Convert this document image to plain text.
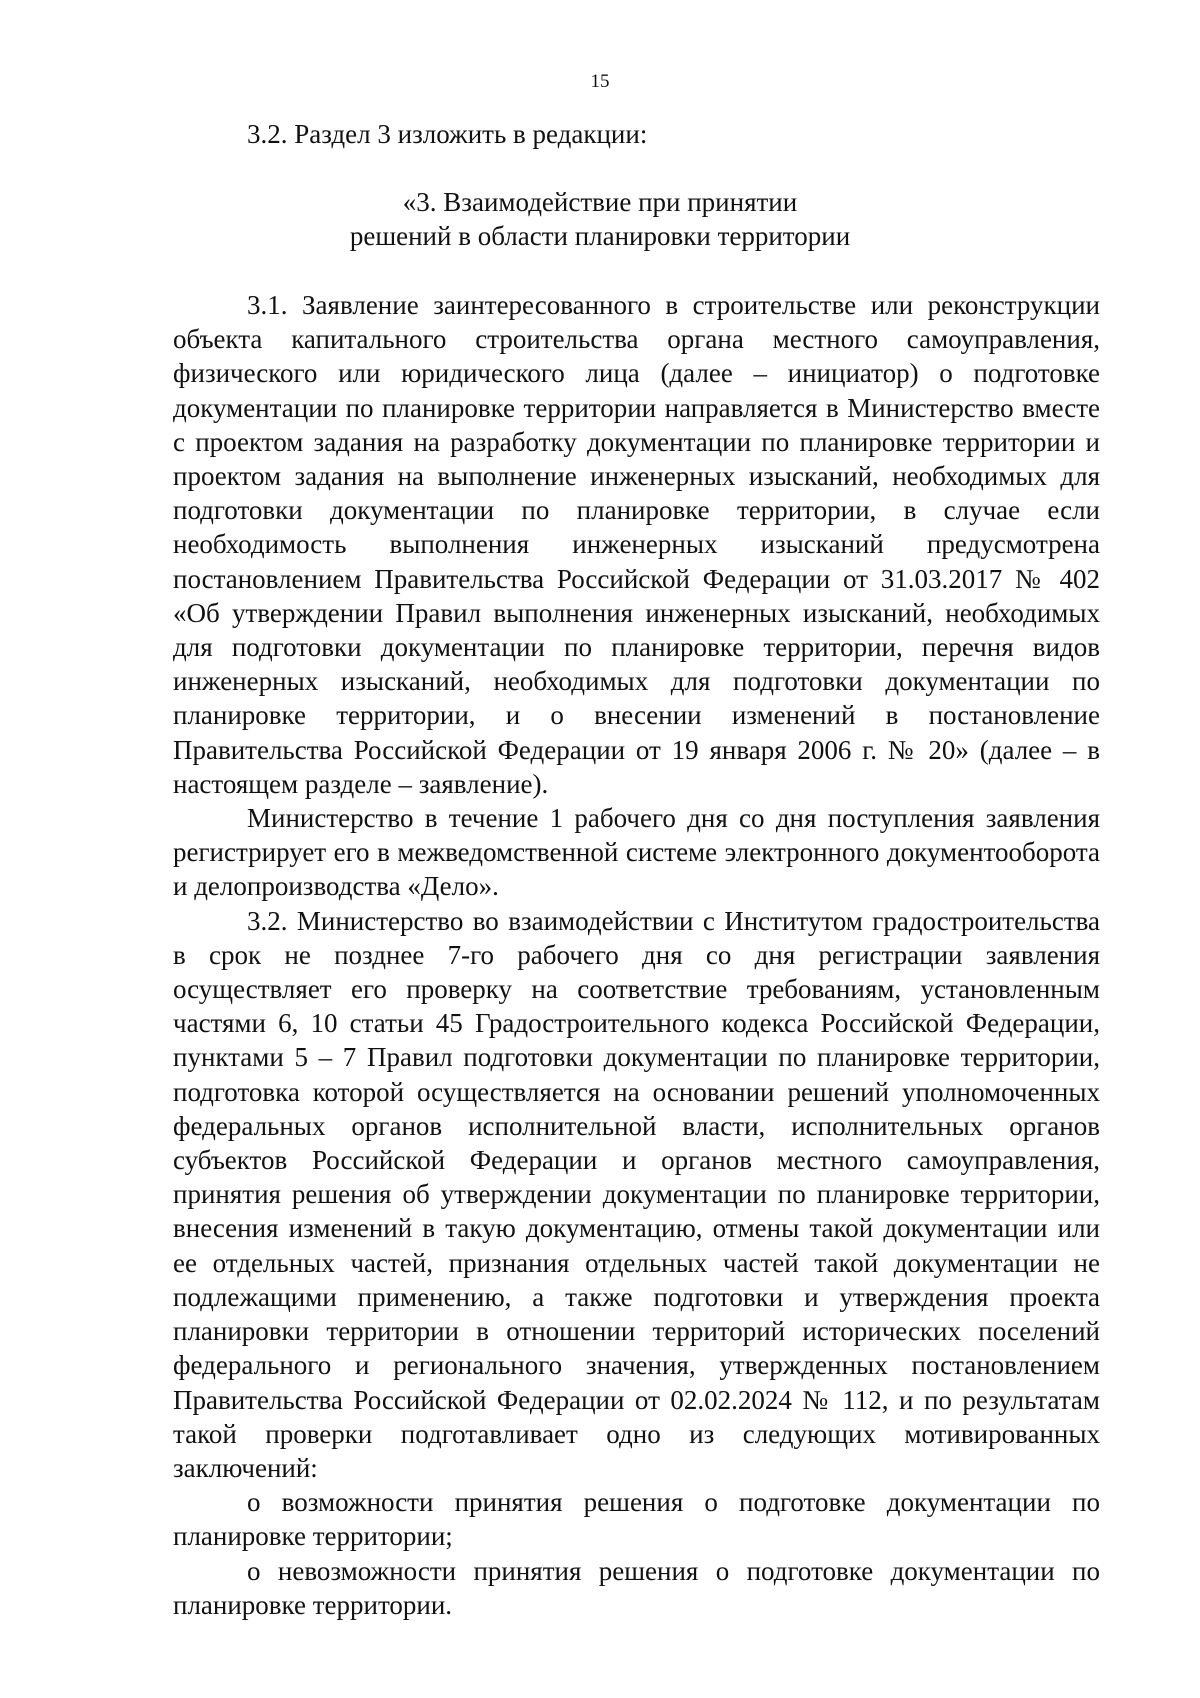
15

3.2. Раздел 3 изложить в редакции:

«3. Взаимодействие при принятии
решений в области планировки территории

3.1. Заявление заинтересованного в строительстве или реконструкции объекта капитального строительства органа местного самоуправления, физического или юридического лица (далее – инициатор) о подготовке документации по планировке территории направляется в Министерство вместе с проектом задания на разработку документации по планировке территории и проектом задания на выполнение инженерных изысканий, необходимых для подготовки документации по планировке территории, в случае если необходимость выполнения инженерных изысканий предусмотрена постановлением Правительства Российской Федерации от 31.03.2017 № 402 «Об утверждении Правил выполнения инженерных изысканий, необходимых для подготовки документации по планировке территории, перечня видов инженерных изысканий, необходимых для подготовки документации по планировке территории, и о внесении изменений в постановление Правительства Российской Федерации от 19 января 2006 г. № 20» (далее – в настоящем разделе – заявление).

Министерство в течение 1 рабочего дня со дня поступления заявления регистрирует его в межведомственной системе электронного документооборота и делопроизводства «Дело».

3.2. Министерство во взаимодействии с Институтом градостроительства в срок не позднее 7-го рабочего дня со дня регистрации заявления осуществляет его проверку на соответствие требованиям, установленным частями 6, 10 статьи 45 Градостроительного кодекса Российской Федерации, пунктами 5 – 7 Правил подготовки документации по планировке территории, подготовка которой осуществляется на основании решений уполномоченных федеральных органов исполнительной власти, исполнительных органов субъектов Российской Федерации и органов местного самоуправления, принятия решения об утверждении документации по планировке территории, внесения изменений в такую документацию, отмены такой документации или ее отдельных частей, признания отдельных частей такой документации не подлежащими применению, а также подготовки и утверждения проекта планировки территории в отношении территорий исторических поселений федерального и регионального значения, утвержденных постановлением Правительства Российской Федерации от 02.02.2024 № 112, и по результатам такой проверки подготавливает одно из следующих мотивированных заключений:

о возможности принятия решения о подготовке документации по планировке территории;

о невозможности принятия решения о подготовке документации по планировке территории.
